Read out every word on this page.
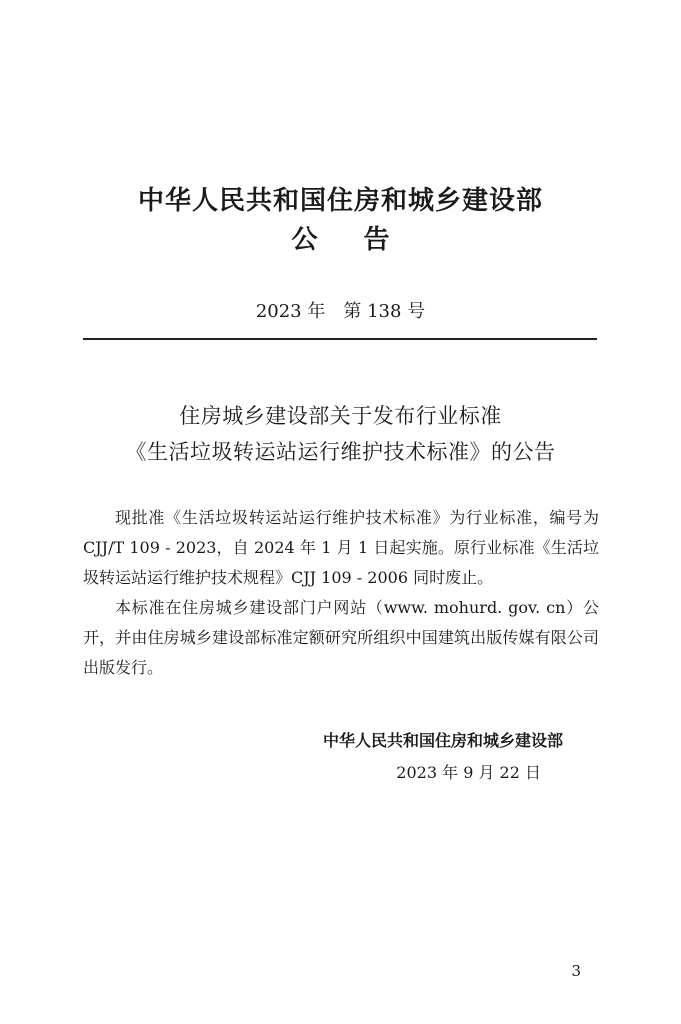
中华人民共和国住房和城乡建设部
公告
2023 年　第 138 号
住房城乡建设部关于发布行业标准
《生活垃圾转运站运行维护技术标准》的公告

现批准《生活垃圾转运站运行维护技术标准》为行业标准，编号为 CJJ/T 109 - 2023，自 2024 年 1 月 1 日起实施。原行业标准《生活垃圾转运站运行维护技术规程》CJJ 109 - 2006 同时废止。

本标准在住房城乡建设部门户网站（www. mohurd. gov. cn）公开，并由住房城乡建设部标准定额研究所组织中国建筑出版传媒有限公司出版发行。

中华人民共和国住房和城乡建设部
2023 年 9 月 22 日
3
